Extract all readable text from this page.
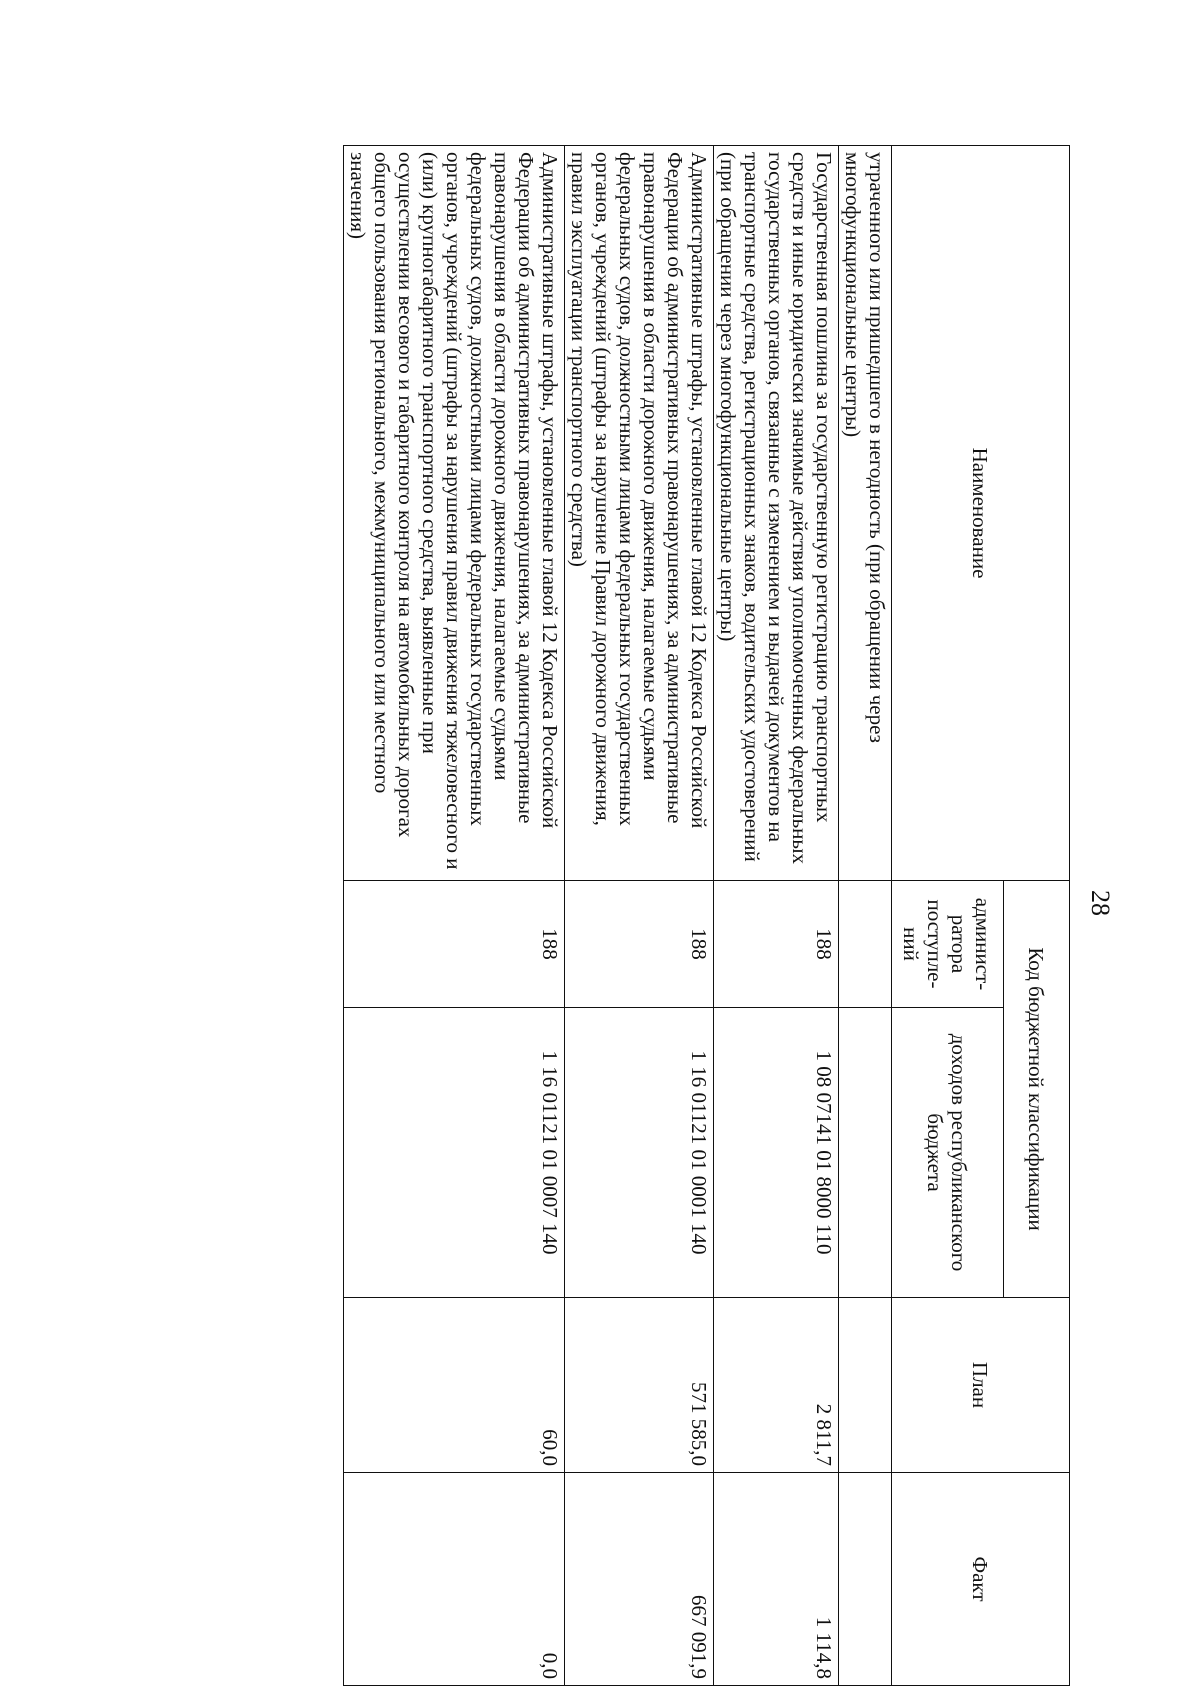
28
Наименование	Код бюджетной классификации		План	Факт
	админист-ратора поступле-ний	доходов республиканского бюджета		
утраченного или пришедшего в негодность (при обращении через многофункциональные центры)				
Государственная пошлина за государственную регистрацию транспортных средств и иные юридически значимые действия уполномоченных федеральных государственных органов, связанные с изменением и выдачей документов на транспортные средства, регистрационных знаков, водительских удостоверений (при обращении через многофункциональные центры)	188	1 08 07141 01 8000 110	2 811,7	1 114,8
Административные штрафы, установленные главой 12 Кодекса Российской Федерации об административных правонарушениях, за административные правонарушения в области дорожного движения, налагаемые судьями федеральных судов, должностными лицами федеральных государственных органов, учреждений (штрафы за нарушение Правил дорожного движения, правил эксплуатации транспортного средства)	188	1 16 01121 01 0001 140	571 585,0	667 091,9
Административные штрафы, установленные главой 12 Кодекса Российской Федерации об административных правонарушениях, за административные правонарушения в области дорожного движения, налагаемые судьями федеральных судов, должностными лицами федеральных государственных органов, учреждений (штрафы за нарушения правил движения тяжеловесного и (или) крупногабаритного транспортного средства, выявленные при осуществлении весового и габаритного контроля на автомобильных дорогах общего пользования регионального, межмуниципального или местного значения)	188	1 16 01121 01 0007 140	60,0	0,0
